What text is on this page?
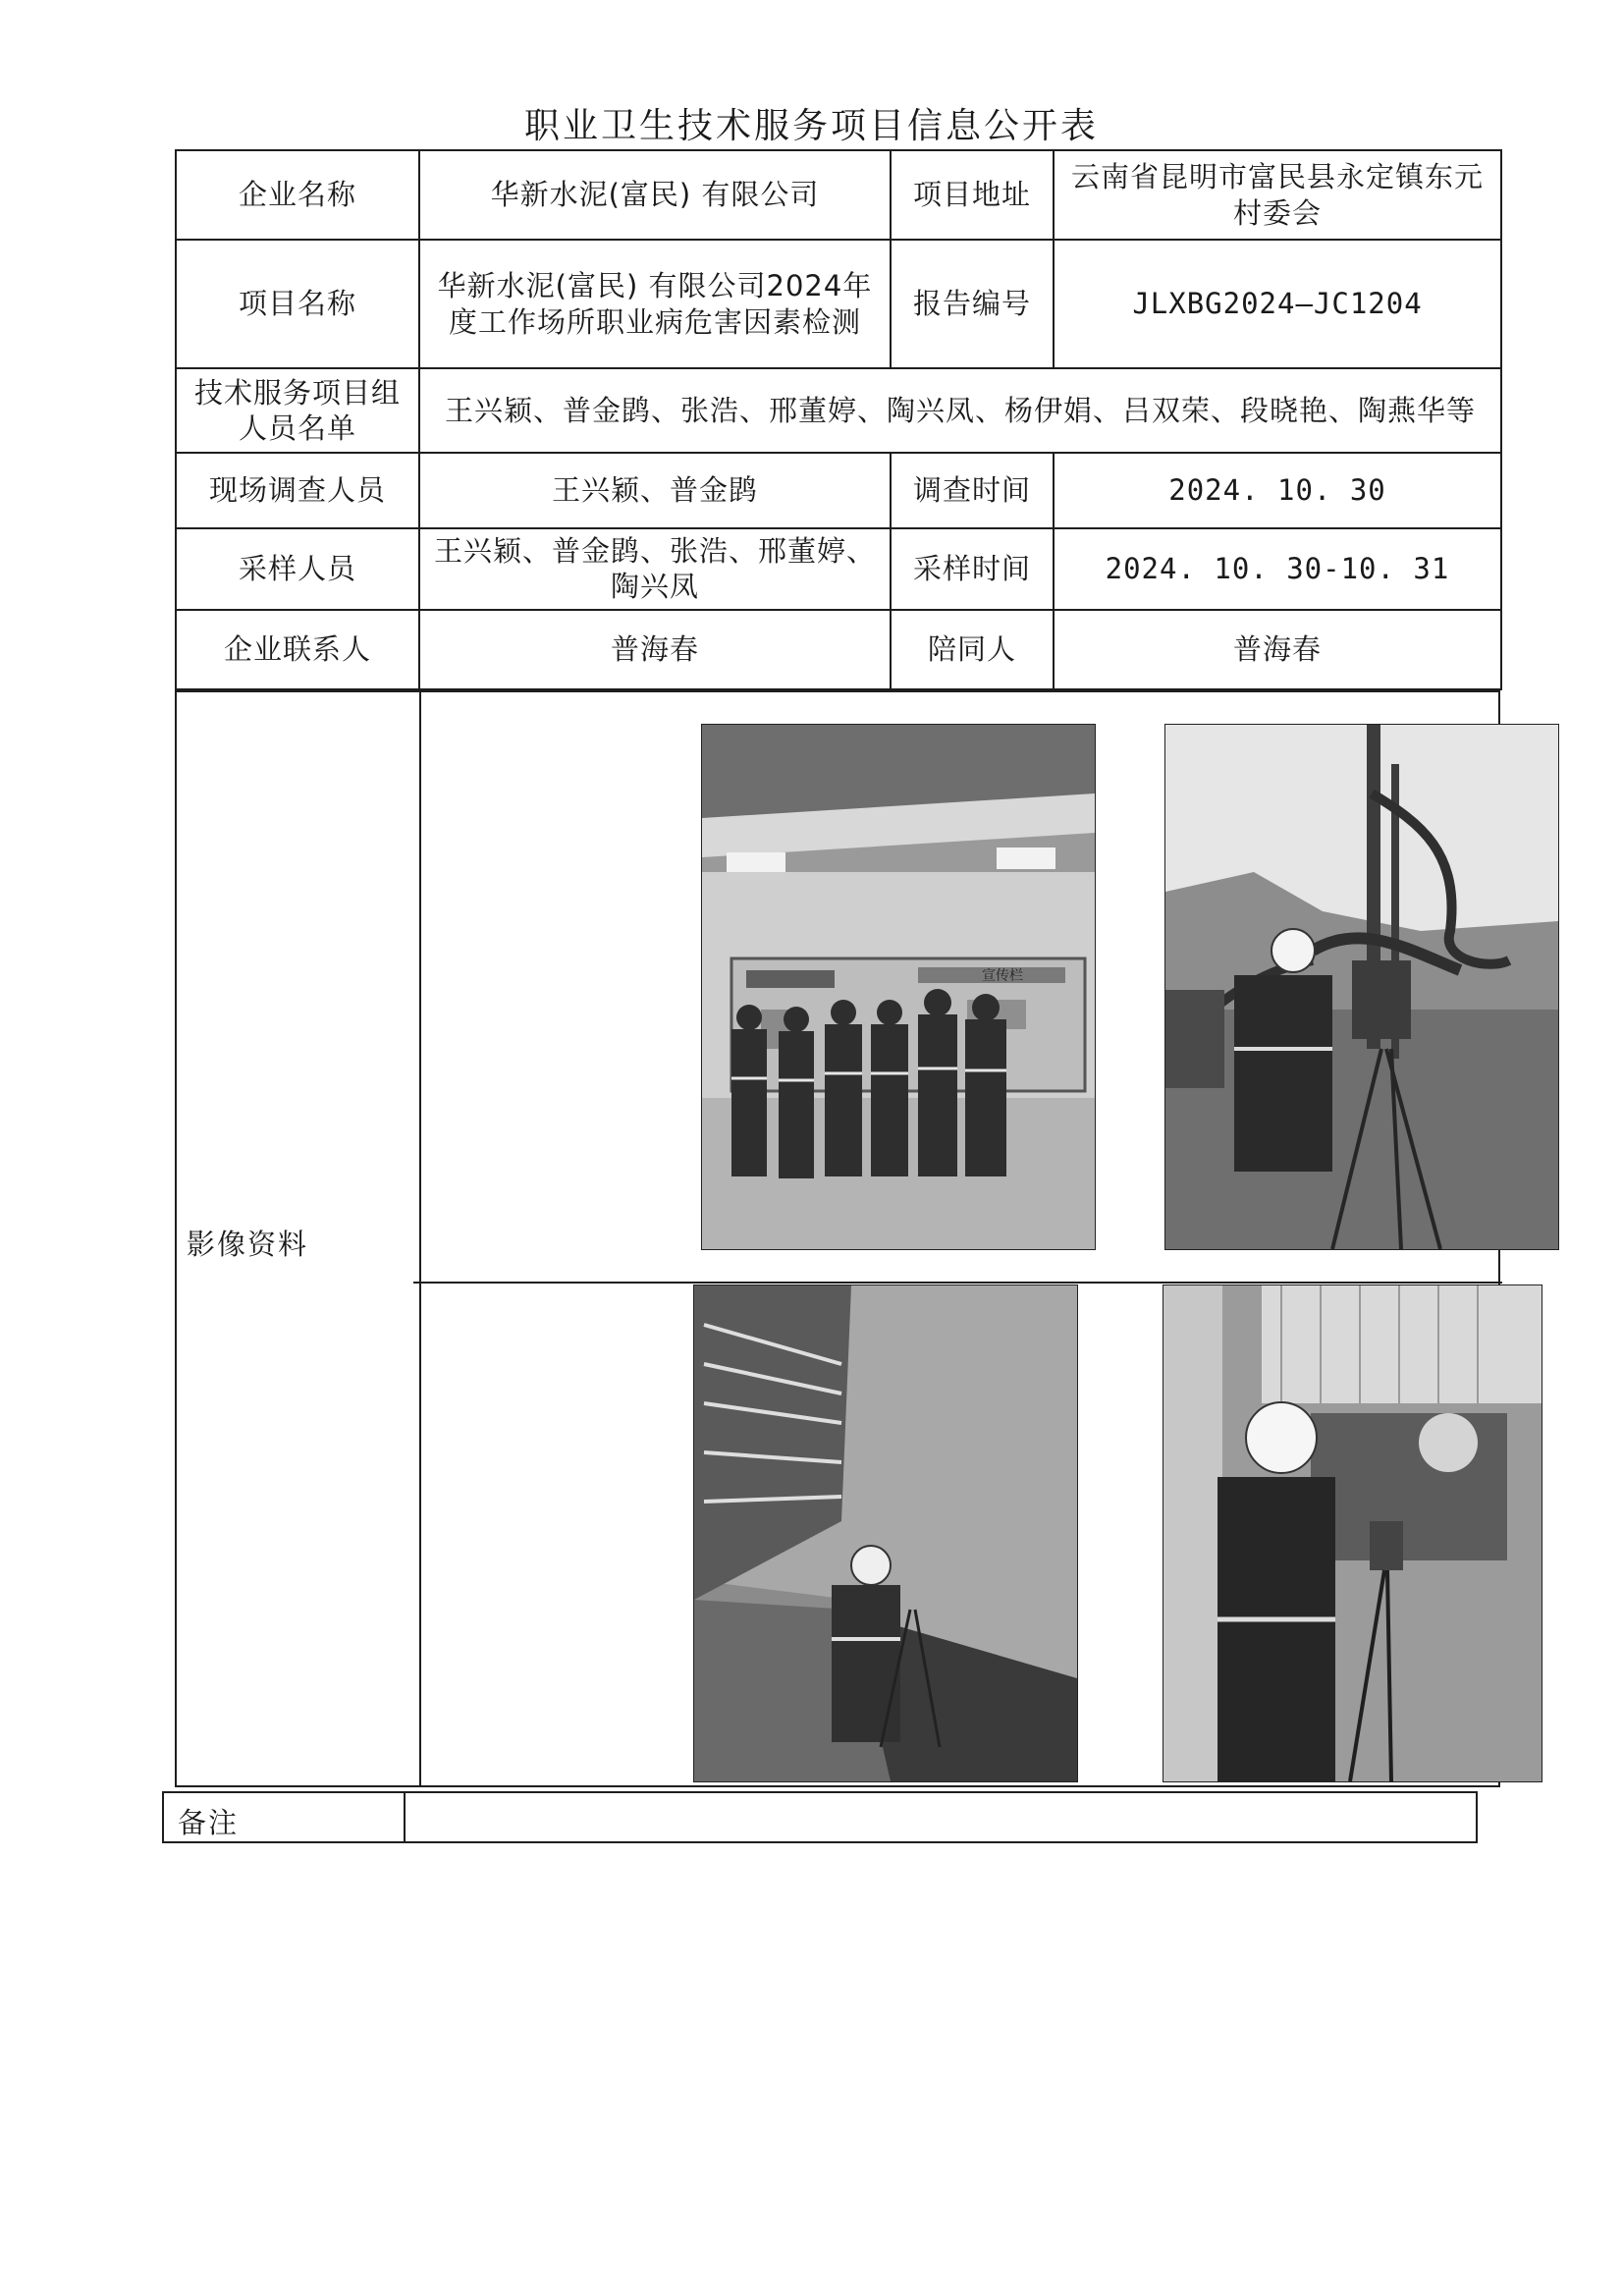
职业卫生技术服务项目信息公开表
企业名称	华新水泥(富民) 有限公司	项目地址	云南省昆明市富民县永定镇东元村委会
项目名称	华新水泥(富民) 有限公司2024年度工作场所职业病危害因素检测	报告编号	JLXBG2024—JC1204
技术服务项目组人员名单	王兴颖、普金鹍、张浩、邢董婷、陶兴凤、杨伊娟、吕双荣、段晓艳、陶燕华等		
现场调查人员	王兴颖、普金鹍	调查时间	2024. 10. 30
采样人员	王兴颖、普金鹍、张浩、邢董婷、陶兴凤	采样时间	2024. 10. 30-10. 31
企业联系人	普海春	陪同人	普海春
影像资料
宣传栏
备注
